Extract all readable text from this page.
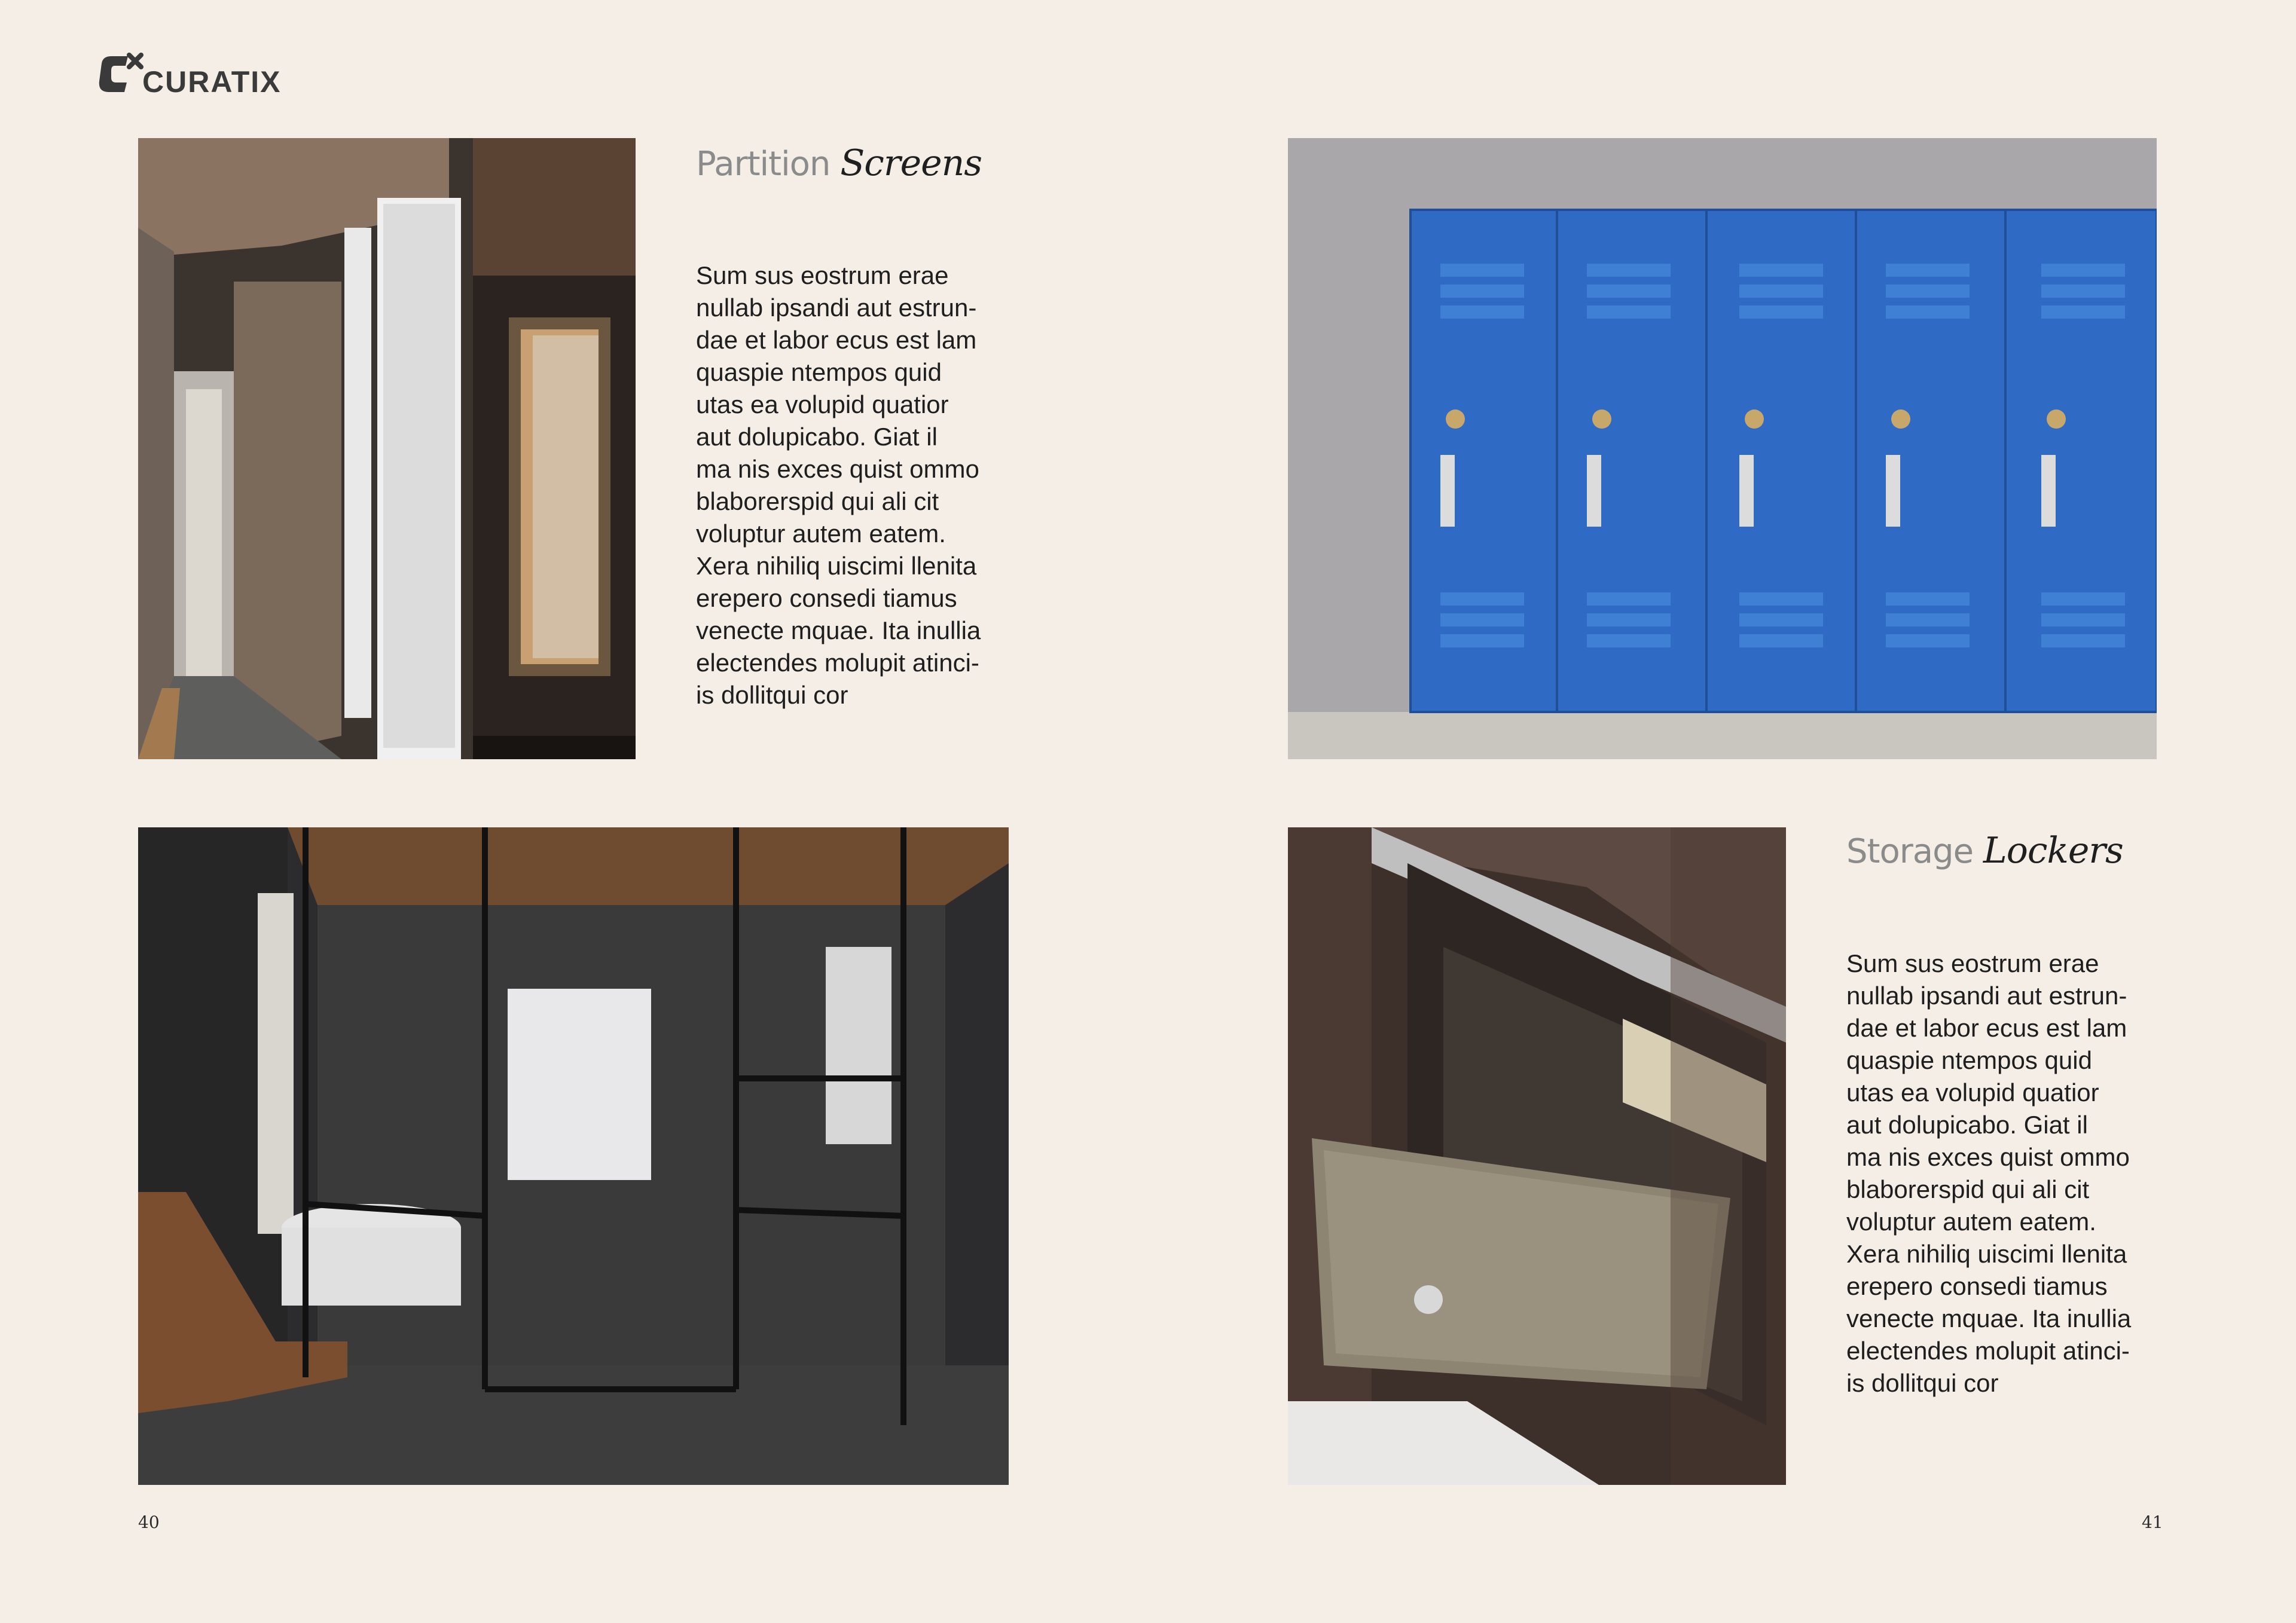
CURATIX
Partition Screens
Sum sus eostrum erae
nullab ipsandi aut estrun-
dae et labor ecus est lam
quaspie ntempos quid
utas ea volupid quatior
aut dolupicabo. Giat il
ma nis exces quist ommo
blaborerspid qui ali cit
voluptur autem eatem.
Xera nihiliq uiscimi llenita
erepero consedi tiamus
venecte mquae. Ita inullia
electendes molupit atinci-
is dollitqui cor
Storage Lockers
Sum sus eostrum erae
nullab ipsandi aut estrun-
dae et labor ecus est lam
quaspie ntempos quid
utas ea volupid quatior
aut dolupicabo. Giat il
ma nis exces quist ommo
blaborerspid qui ali cit
voluptur autem eatem.
Xera nihiliq uiscimi llenita
erepero consedi tiamus
venecte mquae. Ita inullia
electendes molupit atinci-
is dollitqui cor
40	41
